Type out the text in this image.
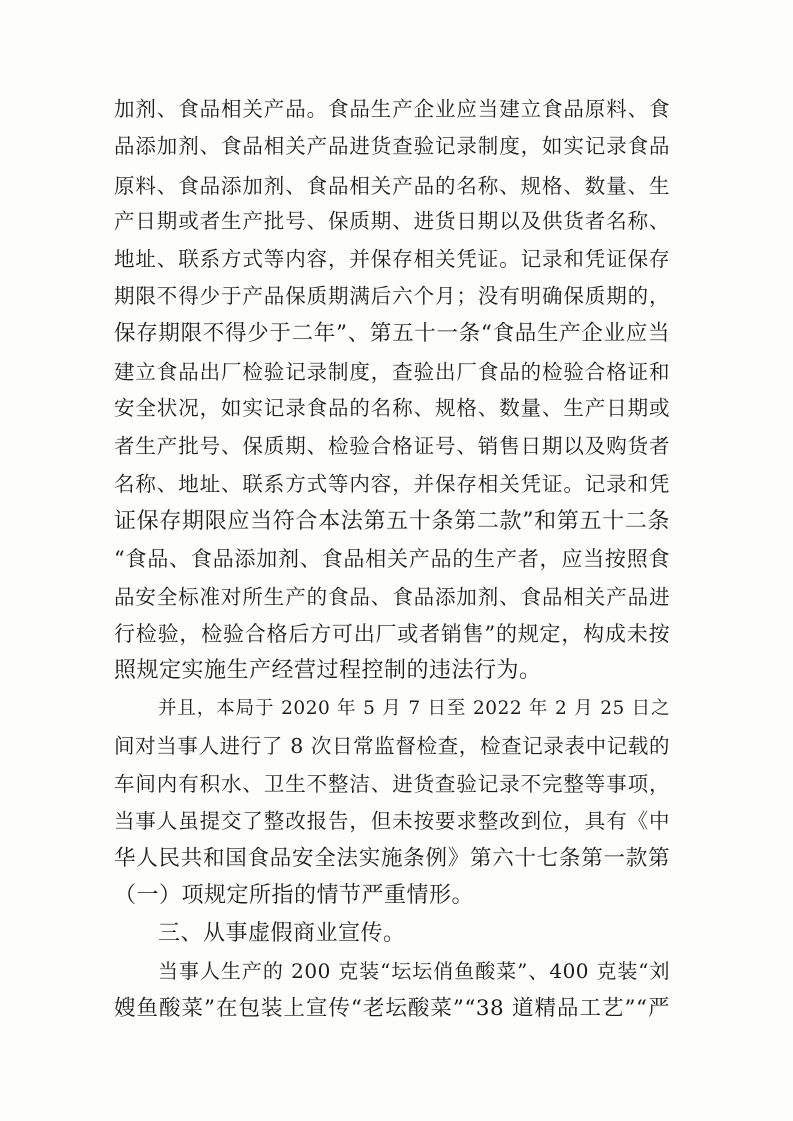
加剂、食品相关产品。食品生产企业应当建立食品原料、食
品添加剂、食品相关产品进货查验记录制度，如实记录食品
原料、食品添加剂、食品相关产品的名称、规格、数量、生
产日期或者生产批号、保质期、进货日期以及供货者名称、
地址、联系方式等内容，并保存相关凭证。记录和凭证保存
期限不得少于产品保质期满后六个月；没有明确保质期的，
保存期限不得少于二年”、第五十一条“食品生产企业应当
建立食品出厂检验记录制度，查验出厂食品的检验合格证和
安全状况，如实记录食品的名称、规格、数量、生产日期或
者生产批号、保质期、检验合格证号、销售日期以及购货者
名称、地址、联系方式等内容，并保存相关凭证。记录和凭
证保存期限应当符合本法第五十条第二款”和第五十二条
“食品、食品添加剂、食品相关产品的生产者，应当按照食
品安全标准对所生产的食品、食品添加剂、食品相关产品进
行检验，检验合格后方可出厂或者销售”的规定，构成未按
照规定实施生产经营过程控制的违法行为。
并且，本局于 2020 年 5 月 7 日至 2022 年 2 月 25 日之
间对当事人进行了 8 次日常监督检查，检查记录表中记载的
车间内有积水、卫生不整洁、进货查验记录不完整等事项，
当事人虽提交了整改报告，但未按要求整改到位，具有《中
华人民共和国食品安全法实施条例》第六十七条第一款第
（一）项规定所指的情节严重情形。
三、从事虚假商业宣传。
当事人生产的 200 克装“坛坛俏鱼酸菜”、400 克装“刘
嫂鱼酸菜”在包装上宣传“老坛酸菜”“38 道精品工艺”“严
